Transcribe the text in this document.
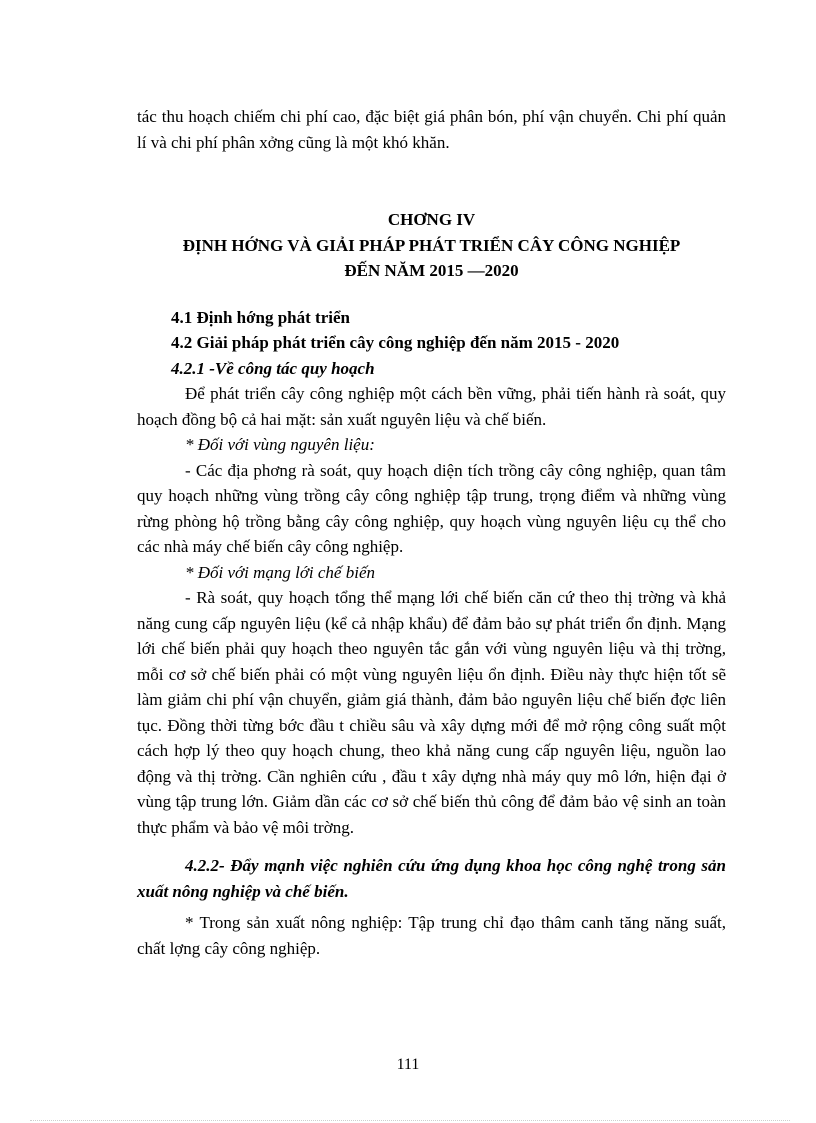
tác thu hoạch chiếm chi phí cao, đặc biệt giá phân bón, phí vận chuyển. Chi phí quản lí và chi phí phân xởng cũng là một khó khăn.

CHƠNG IV

ĐỊNH HỚNG VÀ GIẢI PHÁP PHÁT TRIỂN CÂY CÔNG NGHIỆP

ĐẾN NĂM 2015 —2020

4.1 Định hớng phát triển

4.2 Giải pháp phát triển cây công nghiệp đến năm 2015 - 2020

4.2.1 -Về công tác quy hoạch

Để phát triển cây công nghiệp một cách bền vững, phải tiến hành rà soát, quy hoạch đồng bộ cả hai mặt: sản xuất nguyên liệu và chế biến.

* Đối với vùng nguyên liệu:

- Các địa phơng rà soát, quy hoạch diện tích trồng cây công nghiệp, quan tâm quy hoạch những vùng trồng cây công nghiệp tập trung, trọng điểm và những vùng rừng phòng hộ trồng bằng cây công nghiệp, quy hoạch vùng nguyên liệu cụ thể cho các nhà máy chế biến cây công nghiệp.

* Đối với mạng lới chế biến

- Rà soát, quy hoạch tổng thể mạng lới chế biến căn cứ theo thị trờng và khả năng cung cấp nguyên liệu (kể cả nhập khẩu) để đảm bảo sự phát triển ổn định. Mạng lới chế biến phải quy hoạch theo nguyên tắc gắn với vùng nguyên liệu và thị trờng, mỗi cơ sở chế biến phải có một vùng nguyên liệu ổn định. Điều này thực hiện tốt sẽ làm giảm chi phí vận chuyển, giảm giá thành, đảm bảo nguyên liệu chế biến đợc liên tục. Đồng thời từng bớc đầu t chiều sâu và xây dựng mới để mở rộng công suất một cách hợp lý theo quy hoạch chung, theo khả năng cung cấp nguyên liệu, nguồn lao động và thị trờng. Cần nghiên cứu , đầu t xây dựng nhà máy quy mô lớn, hiện đại ở vùng tập trung lớn. Giảm dần các cơ sở chế biến thủ công để đảm bảo vệ sinh an toàn thực phẩm và bảo vệ môi trờng.

4.2.2- Đẩy mạnh việc nghiên cứu ứng dụng khoa học công nghệ trong sản xuất nông nghiệp và chế biến.

* Trong sản xuất nông nghiệp: Tập trung chỉ đạo thâm canh tăng năng suất, chất lợng cây công nghiệp.

111
